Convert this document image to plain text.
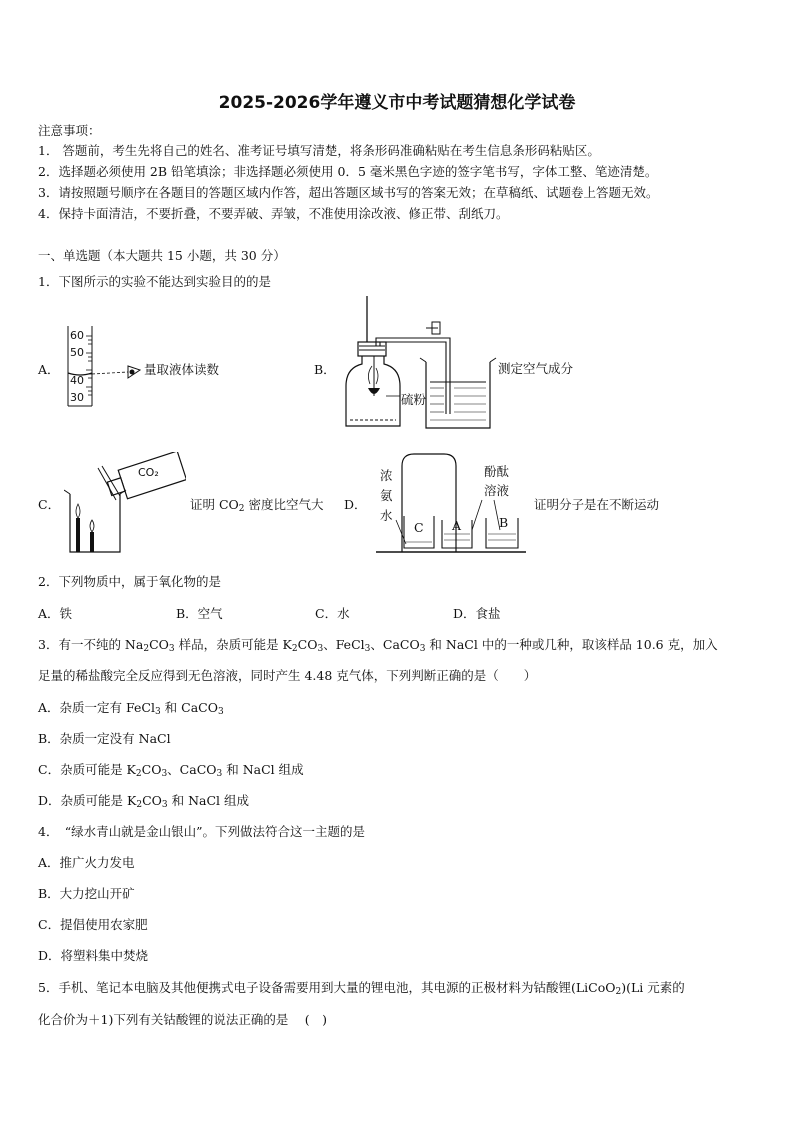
2025-2026学年遵义市中考试题猜想化学试卷
注意事项：
1． 答题前，考生先将自己的姓名、准考证号填写清楚，将条形码准确粘贴在考生信息条形码粘贴区。
2．选择题必须使用 2B 铅笔填涂；非选择题必须使用 0．5 毫米黑色字迹的签字笔书写，字体工整、笔迹清楚。
3．请按照题号顺序在各题目的答题区域内作答，超出答题区域书写的答案无效；在草稿纸、试题卷上答题无效。
4．保持卡面清洁，不要折叠，不要弄破、弄皱，不准使用涂改液、修正带、刮纸刀。
一、单选题（本大题共 15 小题，共 30 分）
1．下图所示的实验不能达到实验目的的是
A．
60
50
40
30
量取液体读数	B．
硫粉
测定空气成分
C．
CO₂
证明 $CO_2$ 密度比空气大 D．
浓
氨
水
酚酞
溶液
C A	B
证明分子是在不断运动
2．下列物质中，属于氧化物的是
A．铁	B．空气	C．水	D．食盐
3．有一不纯的 $Na_2CO_3$ 样品，杂质可能是 $K_2CO_3$、FeCl$_3$、CaCO$_3$ 和 NaCl 中的一种或几种，取该样品 10.6 克，加入
足量的稀盐酸完全反应得到无色溶液，同时产生 4.48 克气体，下列判断正确的是（　　）
A．杂质一定有 FeCl$_3$ 和 CaCO$_3$
B．杂质一定没有 NaCl
C．杂质可能是 $K_2CO_3$、CaCO$_3$ 和 NaCl 组成
D．杂质可能是 $K_2CO_3$ 和 NaCl 组成
4．　“绿水青山就是金山银山”。下列做法符合这一主题的是
A．推广火力发电
B．大力挖山开矿
C．提倡使用农家肥
D．将塑料集中焚烧
5．手机、笔记本电脑及其他便携式电子设备需要用到大量的锂电池，其电源的正极材料为钴酸锂(LiCoO$_2$)(Li 元素的
化合价为＋1)下列有关钴酸锂的说法正确的是　 (　)
